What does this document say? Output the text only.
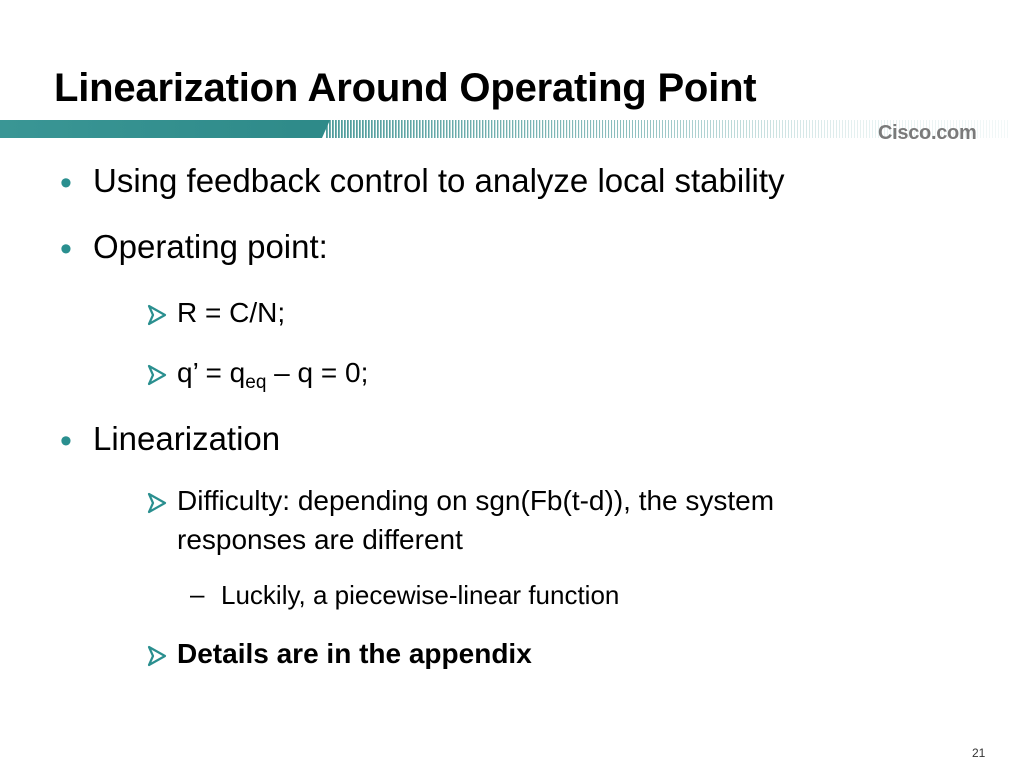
Linearization Around Operating Point
Cisco.com
• Using feedback control to analyze local stability
• Operating point:
R = C/N;
q’ = $q_{eq} - q = 0$;
• Linearization
Difficulty: depending on sgn(Fb(t-d)), the system
responses are different
– Luckily, a piecewise-linear function
Details are in the appendix
21
